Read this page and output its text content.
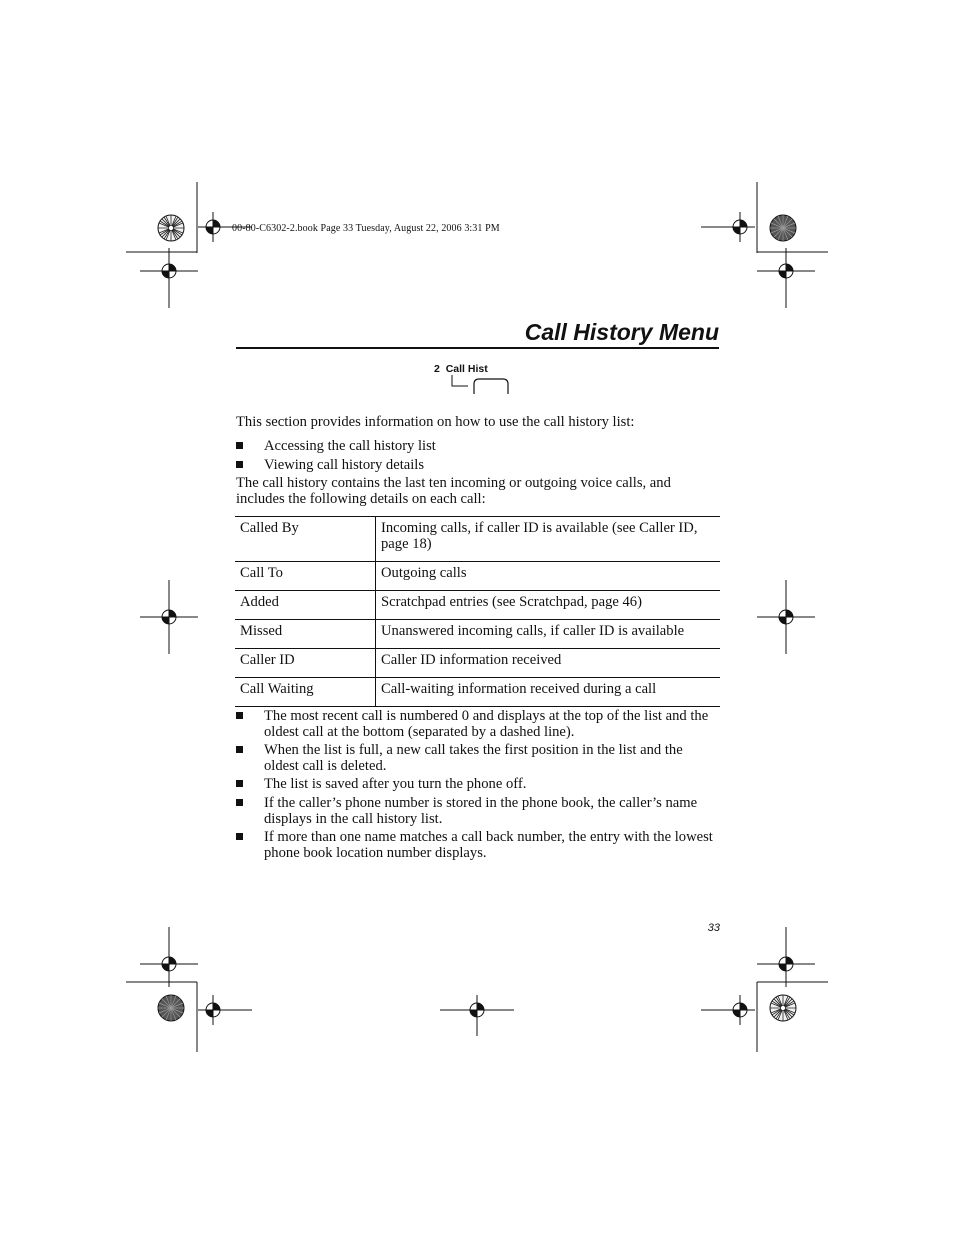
00-80-C6302-2.book Page 33 Tuesday, August 22, 2006 3:31 PM
Call History Menu
2 Call Hist
This section provides information on how to use the call history list:
Accessing the call history list
Viewing call history details
The call history contains the last ten incoming or outgoing voice calls, and includes the following details on each call:
Called By	Incoming calls, if caller ID is available (see Caller ID, page 18)
Call To	Outgoing calls
Added	Scratchpad entries (see Scratchpad, page 46)
Missed	Unanswered incoming calls, if caller ID is available
Caller ID	Caller ID information received
Call Waiting	Call-waiting information received during a call
The most recent call is numbered 0 and displays at the top of the list and the oldest call at the bottom (separated by a dashed line).
When the list is full, a new call takes the first position in the list and the oldest call is deleted.
The list is saved after you turn the phone off.
If the caller’s phone number is stored in the phone book, the caller’s name displays in the call history list.
If more than one name matches a call back number, the entry with the lowest phone book location number displays.
33
